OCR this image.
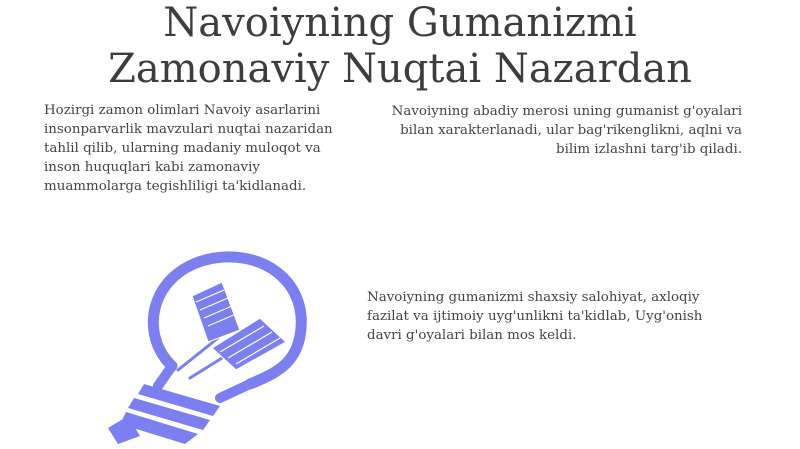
Navoiyning Gumanizmi
Zamonaviy Nuqtai Nazardan

Hozirgi zamon olimlari Navoiy asarlarini insonparvarlik mavzulari nuqtai nazaridan tahlil qilib, ularning madaniy muloqot va inson huquqlari kabi zamonaviy muammolarga tegishliligi ta'kidlanadi.

Navoiyning abadiy merosi uning gumanist g'oyalari bilan xarakterlanadi, ular bag'rikenglikni, aqlni va bilim izlashni targ'ib qiladi.

Navoiyning gumanizmi shaxsiy salohiyat, axloqiy fazilat va ijtimoiy uyg'unlikni ta'kidlab, Uyg'onish davri g'oyalari bilan mos keldi.
